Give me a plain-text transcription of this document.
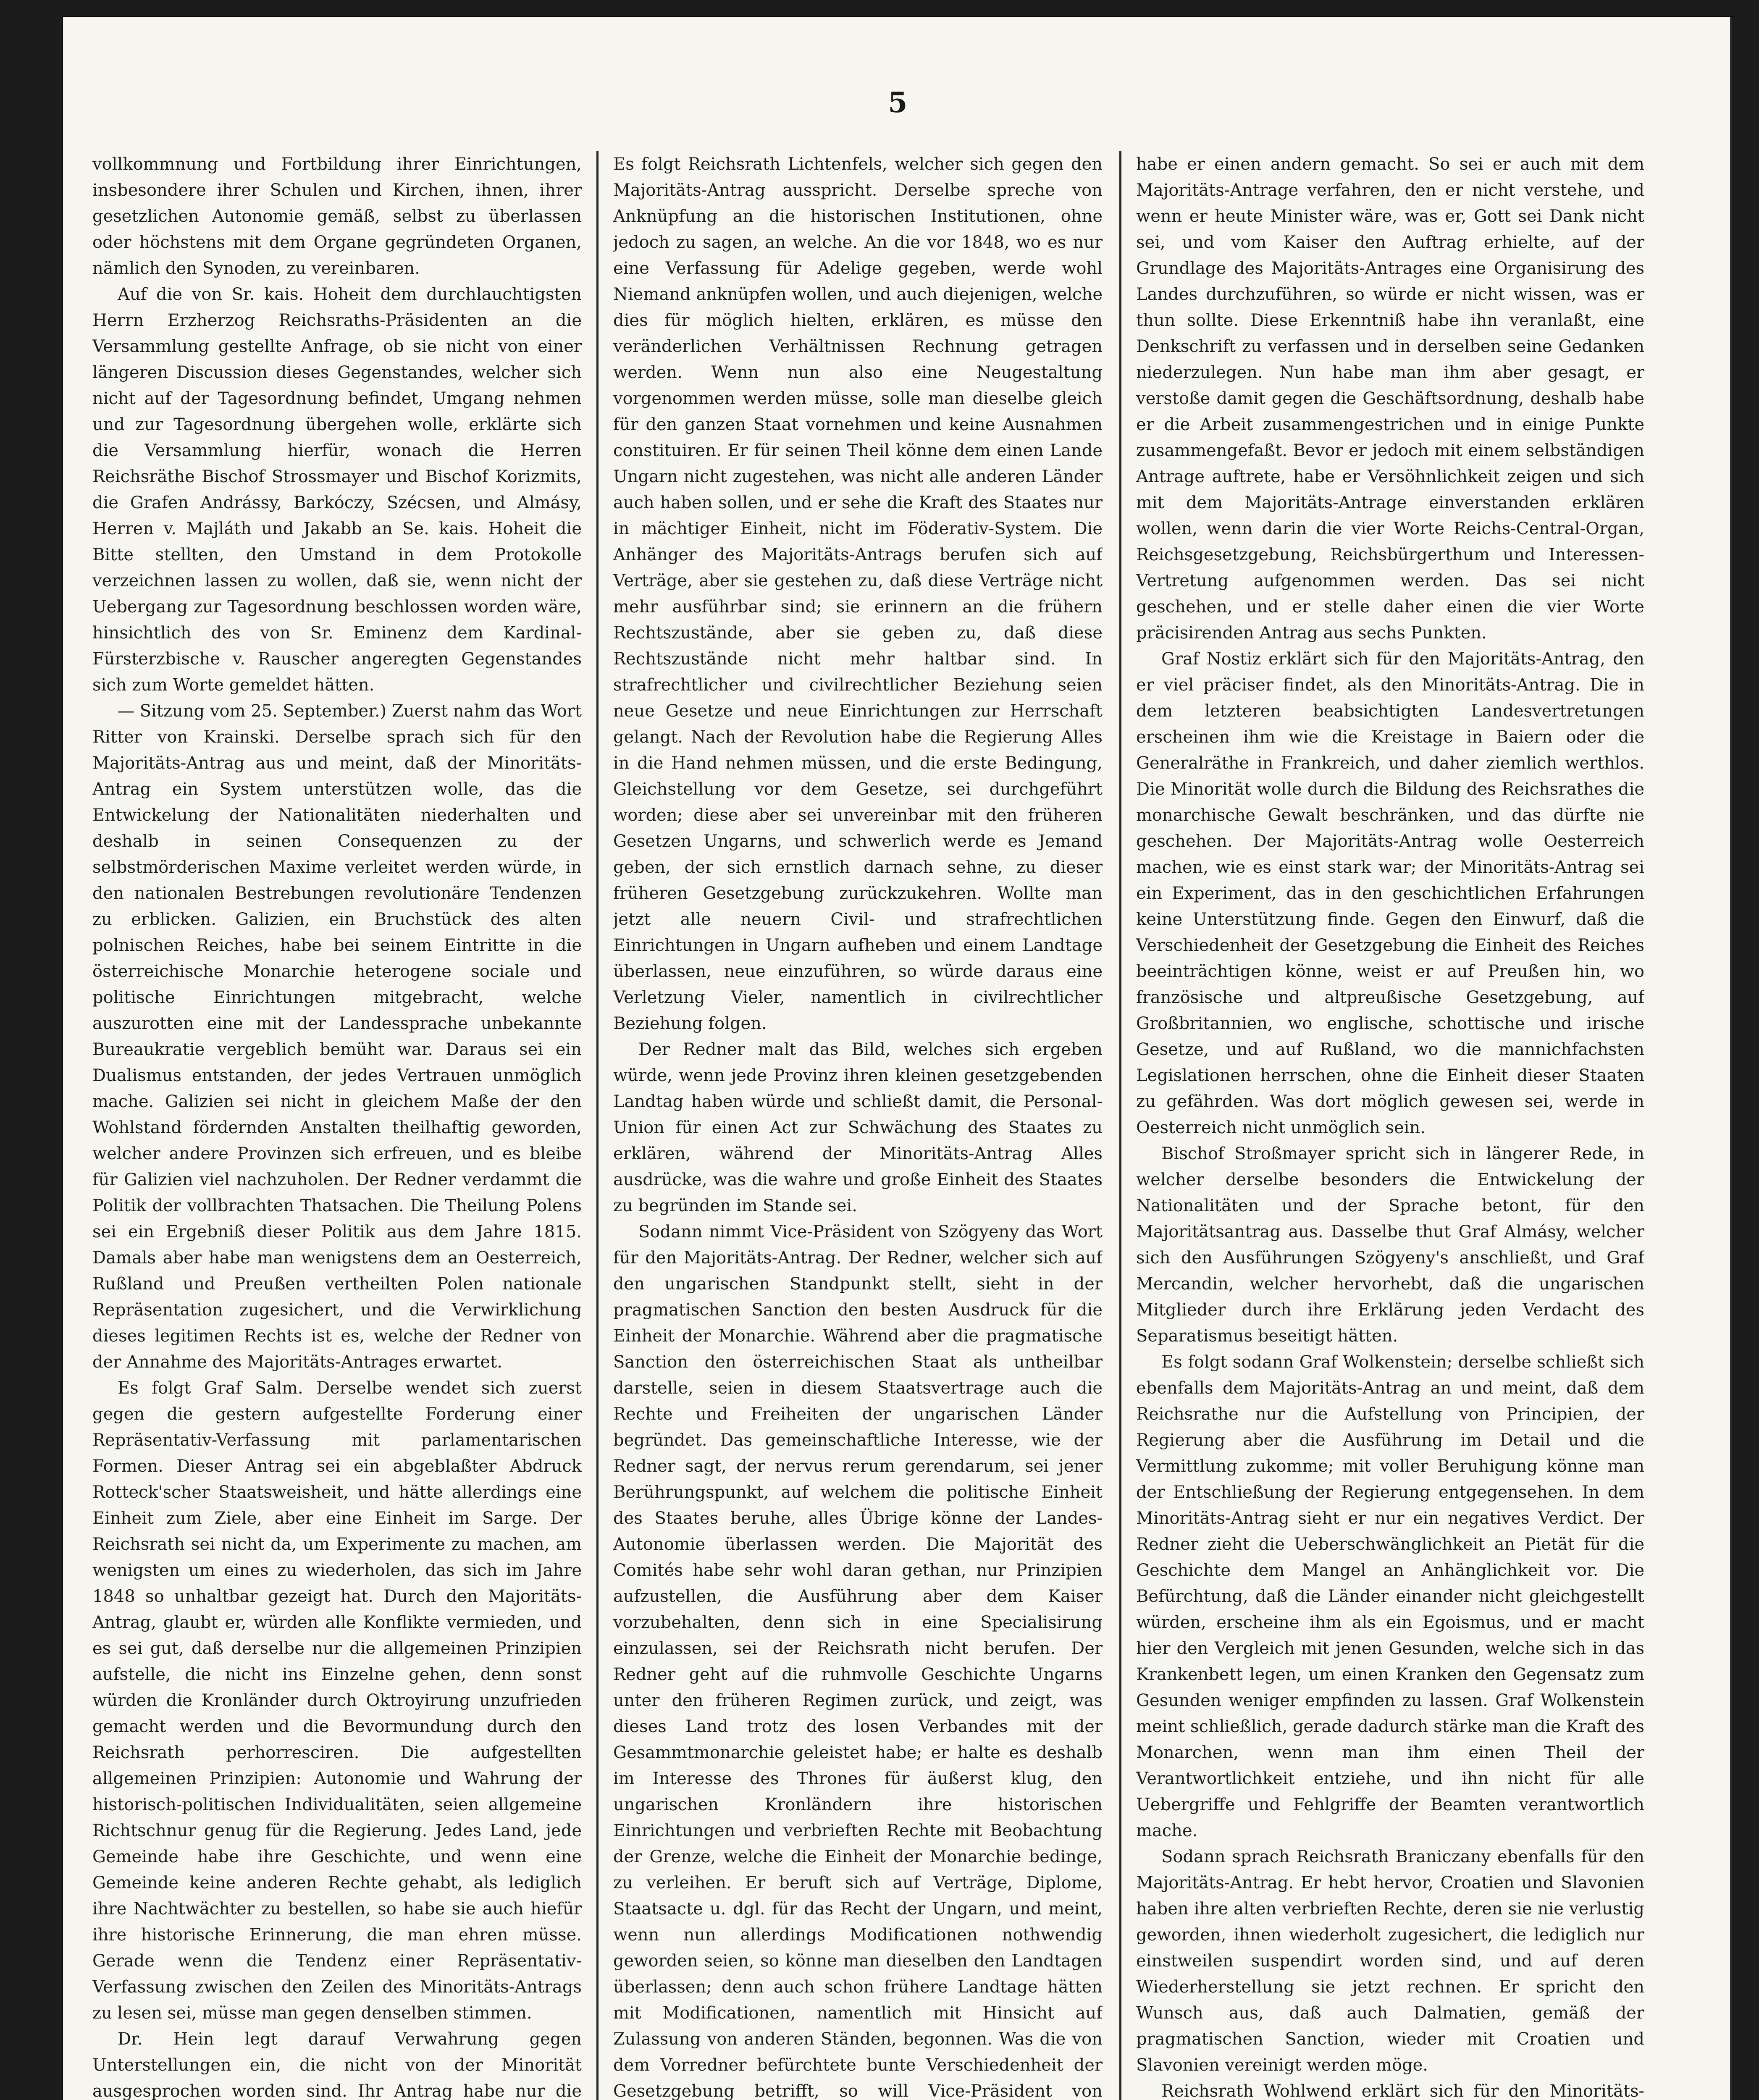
5

vollkommnung und Fortbildung ihrer Einrichtungen, insbesondere ihrer Schulen und Kirchen, ihnen, ihrer gesetzlichen Autonomie gemäß, selbst zu überlassen oder höchstens mit dem Organe gegründeten Organen, nämlich den Synoden, zu vereinbaren.

Auf die von Sr. kais. Hoheit dem durchlauchtigsten Herrn Erzherzog Reichsraths-Präsidenten an die Versammlung gestellte Anfrage, ob sie nicht von einer längeren Discussion dieses Gegenstandes, welcher sich nicht auf der Tagesordnung befindet, Umgang nehmen und zur Tagesordnung übergehen wolle, erklärte sich die Versammlung hierfür, wonach die Herren Reichsräthe Bischof Strossmayer und Bischof Korizmits, die Grafen Andrássy, Barkóczy, Szécsen, und Almásy, Herren v. Majláth und Jakabb an Se. kais. Hoheit die Bitte stellten, den Umstand in dem Protokolle verzeichnen lassen zu wollen, daß sie, wenn nicht der Uebergang zur Tagesordnung beschlossen worden wäre, hinsichtlich des von Sr. Eminenz dem Kardinal-Fürsterzbische v. Rauscher angeregten Gegenstandes sich zum Worte gemeldet hätten.

— Sitzung vom 25. September.) Zuerst nahm das Wort Ritter von Krainski. Derselbe sprach sich für den Majoritäts-Antrag aus und meint, daß der Minoritäts-Antrag ein System unterstützen wolle, das die Entwickelung der Nationalitäten niederhalten und deshalb in seinen Consequenzen zu der selbstmörderischen Maxime verleitet werden würde, in den nationalen Bestrebungen revolutionäre Tendenzen zu erblicken. Galizien, ein Bruchstück des alten polnischen Reiches, habe bei seinem Eintritte in die österreichische Monarchie heterogene sociale und politische Einrichtungen mitgebracht, welche auszurotten eine mit der Landessprache unbekannte Bureaukratie vergeblich bemüht war. Daraus sei ein Dualismus entstanden, der jedes Vertrauen unmöglich mache. Galizien sei nicht in gleichem Maße der den Wohlstand fördernden Anstalten theilhaftig geworden, welcher andere Provinzen sich erfreuen, und es bleibe für Galizien viel nachzuholen. Der Redner verdammt die Politik der vollbrachten Thatsachen. Die Theilung Polens sei ein Ergebniß dieser Politik aus dem Jahre 1815. Damals aber habe man wenigstens dem an Oesterreich, Rußland und Preußen vertheilten Polen nationale Repräsentation zugesichert, und die Verwirklichung dieses legitimen Rechts ist es, welche der Redner von der Annahme des Majoritäts-Antrages erwartet.

Es folgt Graf Salm. Derselbe wendet sich zuerst gegen die gestern aufgestellte Forderung einer Repräsentativ-Verfassung mit parlamentarischen Formen. Dieser Antrag sei ein abgeblaßter Abdruck Rotteck'scher Staatsweisheit, und hätte allerdings eine Einheit zum Ziele, aber eine Einheit im Sarge. Der Reichsrath sei nicht da, um Experimente zu machen, am wenigsten um eines zu wiederholen, das sich im Jahre 1848 so unhaltbar gezeigt hat. Durch den Majoritäts-Antrag, glaubt er, würden alle Konflikte vermieden, und es sei gut, daß derselbe nur die allgemeinen Prinzipien aufstelle, die nicht ins Einzelne gehen, denn sonst würden die Kronländer durch Oktroyirung unzufrieden gemacht werden und die Bevormundung durch den Reichsrath perhorresciren. Die aufgestellten allgemeinen Prinzipien: Autonomie und Wahrung der historisch-politischen Individualitäten, seien allgemeine Richtschnur genug für die Regierung. Jedes Land, jede Gemeinde habe ihre Geschichte, und wenn eine Gemeinde keine anderen Rechte gehabt, als lediglich ihre Nachtwächter zu bestellen, so habe sie auch hiefür ihre historische Erinnerung, die man ehren müsse. Gerade wenn die Tendenz einer Repräsentativ-Verfassung zwischen den Zeilen des Minoritäts-Antrags zu lesen sei, müsse man gegen denselben stimmen.

Dr. Hein legt darauf Verwahrung gegen Unterstellungen ein, die nicht von der Minorität ausgesprochen worden sind. Ihr Antrag habe nur die

Es folgt Reichsrath Lichtenfels, welcher sich gegen den Majoritäts-Antrag ausspricht. Derselbe spreche von Anknüpfung an die historischen Institutionen, ohne jedoch zu sagen, an welche. An die vor 1848, wo es nur eine Verfassung für Adelige gegeben, werde wohl Niemand anknüpfen wollen, und auch diejenigen, welche dies für möglich hielten, erklären, es müsse den veränderlichen Verhältnissen Rechnung getragen werden. Wenn nun also eine Neugestaltung vorgenommen werden müsse, solle man dieselbe gleich für den ganzen Staat vornehmen und keine Ausnahmen constituiren. Er für seinen Theil könne dem einen Lande Ungarn nicht zugestehen, was nicht alle anderen Länder auch haben sollen, und er sehe die Kraft des Staates nur in mächtiger Einheit, nicht im Föderativ-System. Die Anhänger des Majoritäts-Antrags berufen sich auf Verträge, aber sie gestehen zu, daß diese Verträge nicht mehr ausführbar sind; sie erinnern an die frühern Rechtszustände, aber sie geben zu, daß diese Rechtszustände nicht mehr haltbar sind. In strafrechtlicher und civilrechtlicher Beziehung seien neue Gesetze und neue Einrichtungen zur Herrschaft gelangt. Nach der Revolution habe die Regierung Alles in die Hand nehmen müssen, und die erste Bedingung, Gleichstellung vor dem Gesetze, sei durchgeführt worden; diese aber sei unvereinbar mit den früheren Gesetzen Ungarns, und schwerlich werde es Jemand geben, der sich ernstlich darnach sehne, zu dieser früheren Gesetzgebung zurückzukehren. Wollte man jetzt alle neuern Civil- und strafrechtlichen Einrichtungen in Ungarn aufheben und einem Landtage überlassen, neue einzuführen, so würde daraus eine Verletzung Vieler, namentlich in civilrechtlicher Beziehung folgen.

Der Redner malt das Bild, welches sich ergeben würde, wenn jede Provinz ihren kleinen gesetzgebenden Landtag haben würde und schließt damit, die Personal-Union für einen Act zur Schwächung des Staates zu erklären, während der Minoritäts-Antrag Alles ausdrücke, was die wahre und große Einheit des Staates zu begründen im Stande sei.

Sodann nimmt Vice-Präsident von Szögyeny das Wort für den Majoritäts-Antrag. Der Redner, welcher sich auf den ungarischen Standpunkt stellt, sieht in der pragmatischen Sanction den besten Ausdruck für die Einheit der Monarchie. Während aber die pragmatische Sanction den österreichischen Staat als untheilbar darstelle, seien in diesem Staatsvertrage auch die Rechte und Freiheiten der ungarischen Länder begründet. Das gemeinschaftliche Interesse, wie der Redner sagt, der nervus rerum gerendarum, sei jener Berührungspunkt, auf welchem die politische Einheit des Staates beruhe, alles Übrige könne der Landes-Autonomie überlassen werden. Die Majorität des Comités habe sehr wohl daran gethan, nur Prinzipien aufzustellen, die Ausführung aber dem Kaiser vorzubehalten, denn sich in eine Specialisirung einzulassen, sei der Reichsrath nicht berufen. Der Redner geht auf die ruhmvolle Geschichte Ungarns unter den früheren Regimen zurück, und zeigt, was dieses Land trotz des losen Verbandes mit der Gesammtmonarchie geleistet habe; er halte es deshalb im Interesse des Thrones für äußerst klug, den ungarischen Kronländern ihre historischen Einrichtungen und verbrieften Rechte mit Beobachtung der Grenze, welche die Einheit der Monarchie bedinge, zu verleihen. Er beruft sich auf Verträge, Diplome, Staatsacte u. dgl. für das Recht der Ungarn, und meint, wenn nun allerdings Modificationen nothwendig geworden seien, so könne man dieselben den Landtagen überlassen; denn auch schon frühere Landtage hätten mit Modificationen, namentlich mit Hinsicht auf Zulassung von anderen Ständen, begonnen. Was die von dem Vorredner befürchtete bunte Verschiedenheit der Gesetzgebung betrifft, so will Vice-Präsident von

habe er einen andern gemacht. So sei er auch mit dem Majoritäts-Antrage verfahren, den er nicht verstehe, und wenn er heute Minister wäre, was er, Gott sei Dank nicht sei, und vom Kaiser den Auftrag erhielte, auf der Grundlage des Majoritäts-Antrages eine Organisirung des Landes durchzuführen, so würde er nicht wissen, was er thun sollte. Diese Erkenntniß habe ihn veranlaßt, eine Denkschrift zu verfassen und in derselben seine Gedanken niederzulegen. Nun habe man ihm aber gesagt, er verstoße damit gegen die Geschäftsordnung, deshalb habe er die Arbeit zusammengestrichen und in einige Punkte zusammengefaßt. Bevor er jedoch mit einem selbständigen Antrage auftrete, habe er Versöhnlichkeit zeigen und sich mit dem Majoritäts-Antrage einverstanden erklären wollen, wenn darin die vier Worte Reichs-Central-Organ, Reichsgesetzgebung, Reichsbürgerthum und Interessen-Vertretung aufgenommen werden. Das sei nicht geschehen, und er stelle daher einen die vier Worte präcisirenden Antrag aus sechs Punkten.

Graf Nostiz erklärt sich für den Majoritäts-Antrag, den er viel präciser findet, als den Minoritäts-Antrag. Die in dem letzteren beabsichtigten Landesvertretungen erscheinen ihm wie die Kreistage in Baiern oder die Generalräthe in Frankreich, und daher ziemlich werthlos. Die Minorität wolle durch die Bildung des Reichsrathes die monarchische Gewalt beschränken, und das dürfte nie geschehen. Der Majoritäts-Antrag wolle Oesterreich machen, wie es einst stark war; der Minoritäts-Antrag sei ein Experiment, das in den geschichtlichen Erfahrungen keine Unterstützung finde. Gegen den Einwurf, daß die Verschiedenheit der Gesetzgebung die Einheit des Reiches beeinträchtigen könne, weist er auf Preußen hin, wo französische und altpreußische Gesetzgebung, auf Großbritannien, wo englische, schottische und irische Gesetze, und auf Rußland, wo die mannichfachsten Legislationen herrschen, ohne die Einheit dieser Staaten zu gefährden. Was dort möglich gewesen sei, werde in Oesterreich nicht unmöglich sein.

Bischof Stroßmayer spricht sich in längerer Rede, in welcher derselbe besonders die Entwickelung der Nationalitäten und der Sprache betont, für den Majoritätsantrag aus. Dasselbe thut Graf Almásy, welcher sich den Ausführungen Szögyeny's anschließt, und Graf Mercandin, welcher hervorhebt, daß die ungarischen Mitglieder durch ihre Erklärung jeden Verdacht des Separatismus beseitigt hätten.

Es folgt sodann Graf Wolkenstein; derselbe schließt sich ebenfalls dem Majoritäts-Antrag an und meint, daß dem Reichsrathe nur die Aufstellung von Principien, der Regierung aber die Ausführung im Detail und die Vermittlung zukomme; mit voller Beruhigung könne man der Entschließung der Regierung entgegensehen. In dem Minoritäts-Antrag sieht er nur ein negatives Verdict. Der Redner zieht die Ueberschwänglichkeit an Pietät für die Geschichte dem Mangel an Anhänglichkeit vor. Die Befürchtung, daß die Länder einander nicht gleichgestellt würden, erscheine ihm als ein Egoismus, und er macht hier den Vergleich mit jenen Gesunden, welche sich in das Krankenbett legen, um einen Kranken den Gegensatz zum Gesunden weniger empfinden zu lassen. Graf Wolkenstein meint schließlich, gerade dadurch stärke man die Kraft des Monarchen, wenn man ihm einen Theil der Verantwortlichkeit entziehe, und ihn nicht für alle Uebergriffe und Fehlgriffe der Beamten verantwortlich mache.

Sodann sprach Reichsrath Braniczany ebenfalls für den Majoritäts-Antrag. Er hebt hervor, Croatien und Slavonien haben ihre alten verbrieften Rechte, deren sie nie verlustig geworden, ihnen wiederholt zugesichert, die lediglich nur einstweilen suspendirt worden sind, und auf deren Wiederherstellung sie jetzt rechnen. Er spricht den Wunsch aus, daß auch Dalmatien, gemäß der pragmatischen Sanction, wieder mit Croatien und Slavonien vereinigt werden möge.

Reichsrath Wohlwend erklärt sich für den Minoritäts-
